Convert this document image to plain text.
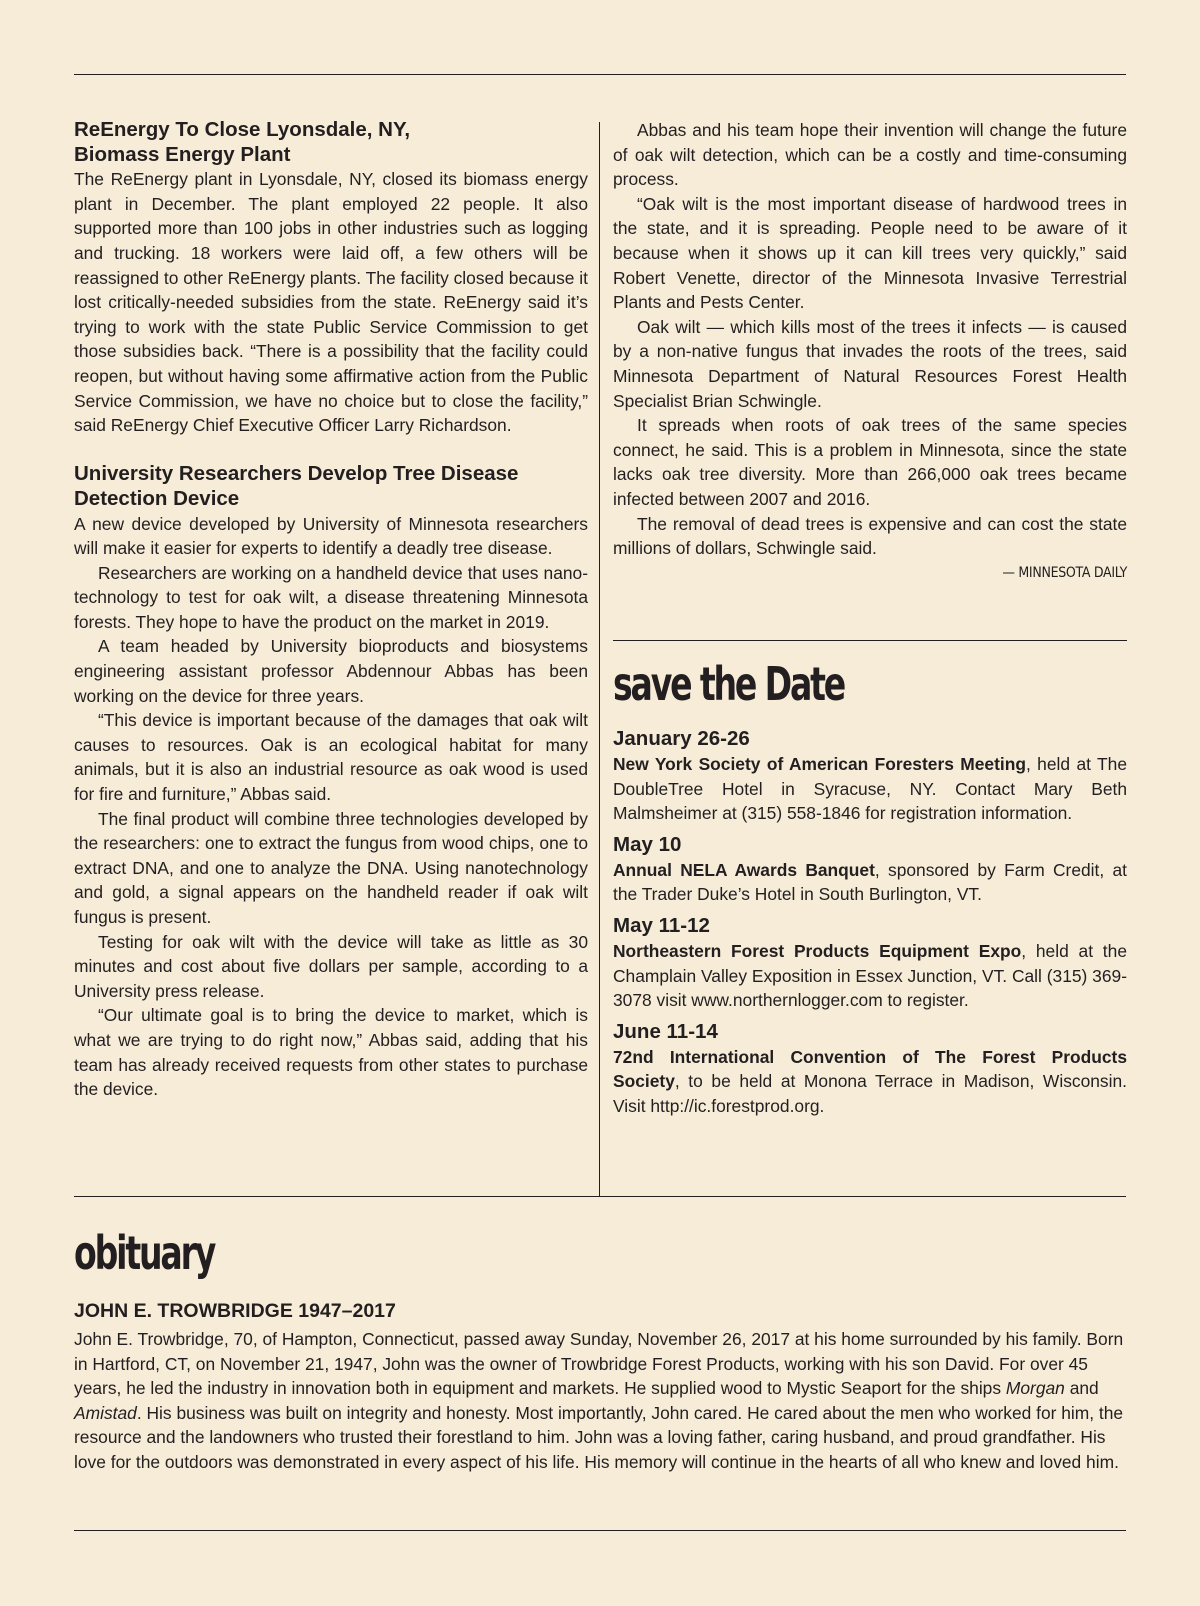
ReEnergy To Close Lyonsdale, NY, Biomass Energy Plant

The ReEnergy plant in Lyonsdale, NY, closed its biomass energy plant in December. The plant employed 22 people. It also supported more than 100 jobs in other industries such as logging and trucking. 18 workers were laid off, a few others will be reassigned to other ReEnergy plants. The facility closed because it lost critically-needed subsidies from the state. ReEnergy said it’s trying to work with the state Public Service Commission to get those subsidies back. “There is a possibility that the facility could reopen, but without having some affirmative action from the Public Service Commission, we have no choice but to close the facility,” said ReEnergy Chief Executive Officer Larry Richardson.

University Researchers Develop Tree Disease Detection Device

A new device developed by University of Minnesota researchers will make it easier for experts to identify a deadly tree disease.

Researchers are working on a handheld device that uses nano-technology to test for oak wilt, a disease threatening Minnesota forests. They hope to have the product on the market in 2019.

A team headed by University bioproducts and biosystems engineering assistant professor Abdennour Abbas has been working on the device for three years.

“This device is important because of the damages that oak wilt causes to resources. Oak is an ecological habitat for many animals, but it is also an industrial resource as oak wood is used for fire and furniture,” Abbas said.

The final product will combine three technologies developed by the researchers: one to extract the fungus from wood chips, one to extract DNA, and one to analyze the DNA. Using nanotechnology and gold, a signal appears on the handheld reader if oak wilt fungus is present.

Testing for oak wilt with the device will take as little as 30 minutes and cost about five dollars per sample, according to a University press release.

“Our ultimate goal is to bring the device to market, which is what we are trying to do right now,” Abbas said, adding that his team has already received requests from other states to purchase the device.

Abbas and his team hope their invention will change the future of oak wilt detection, which can be a costly and time-consuming process.

“Oak wilt is the most important disease of hardwood trees in the state, and it is spreading. People need to be aware of it because when it shows up it can kill trees very quickly,” said Robert Venette, director of the Minnesota Invasive Terrestrial Plants and Pests Center.

Oak wilt — which kills most of the trees it infects — is caused by a non-native fungus that invades the roots of the trees, said Minnesota Department of Natural Resources Forest Health Specialist Brian Schwingle.

It spreads when roots of oak trees of the same species connect, he said. This is a problem in Minnesota, since the state lacks oak tree diversity. More than 266,000 oak trees became infected between 2007 and 2016.

The removal of dead trees is expensive and can cost the state millions of dollars, Schwingle said.

— MINNESOTA DAILY
save the Date
January 26-26
New York Society of American Foresters Meeting, held at The DoubleTree Hotel in Syracuse, NY. Contact Mary Beth Malmsheimer at (315) 558-1846 for registration information.
May 10
Annual NELA Awards Banquet, sponsored by Farm Credit, at the Trader Duke’s Hotel in South Burlington, VT.
May 11-12
Northeastern Forest Products Equipment Expo, held at the Champlain Valley Exposition in Essex Junction, VT. Call (315) 369-3078 visit www.northernlogger.com to register.
June 11-14
72nd International Convention of The Forest Products Society, to be held at Monona Terrace in Madison, Wisconsin. Visit http://ic.forestprod.org.
obituary
JOHN E. TROWBRIDGE 1947–2017

John E. Trowbridge, 70, of Hampton, Connecticut, passed away Sunday, November 26, 2017 at his home surrounded by his family. Born in Hartford, CT, on November 21, 1947, John was the owner of Trowbridge Forest Products, working with his son David. For over 45 years, he led the industry in innovation both in equipment and markets. He supplied wood to Mystic Seaport for the ships Morgan and Amistad. His business was built on integrity and honesty. Most importantly, John cared. He cared about the men who worked for him, the resource and the landowners who trusted their forestland to him. John was a loving father, caring husband, and proud grandfather. His love for the outdoors was demonstrated in every aspect of his life. His memory will continue in the hearts of all who knew and loved him.
